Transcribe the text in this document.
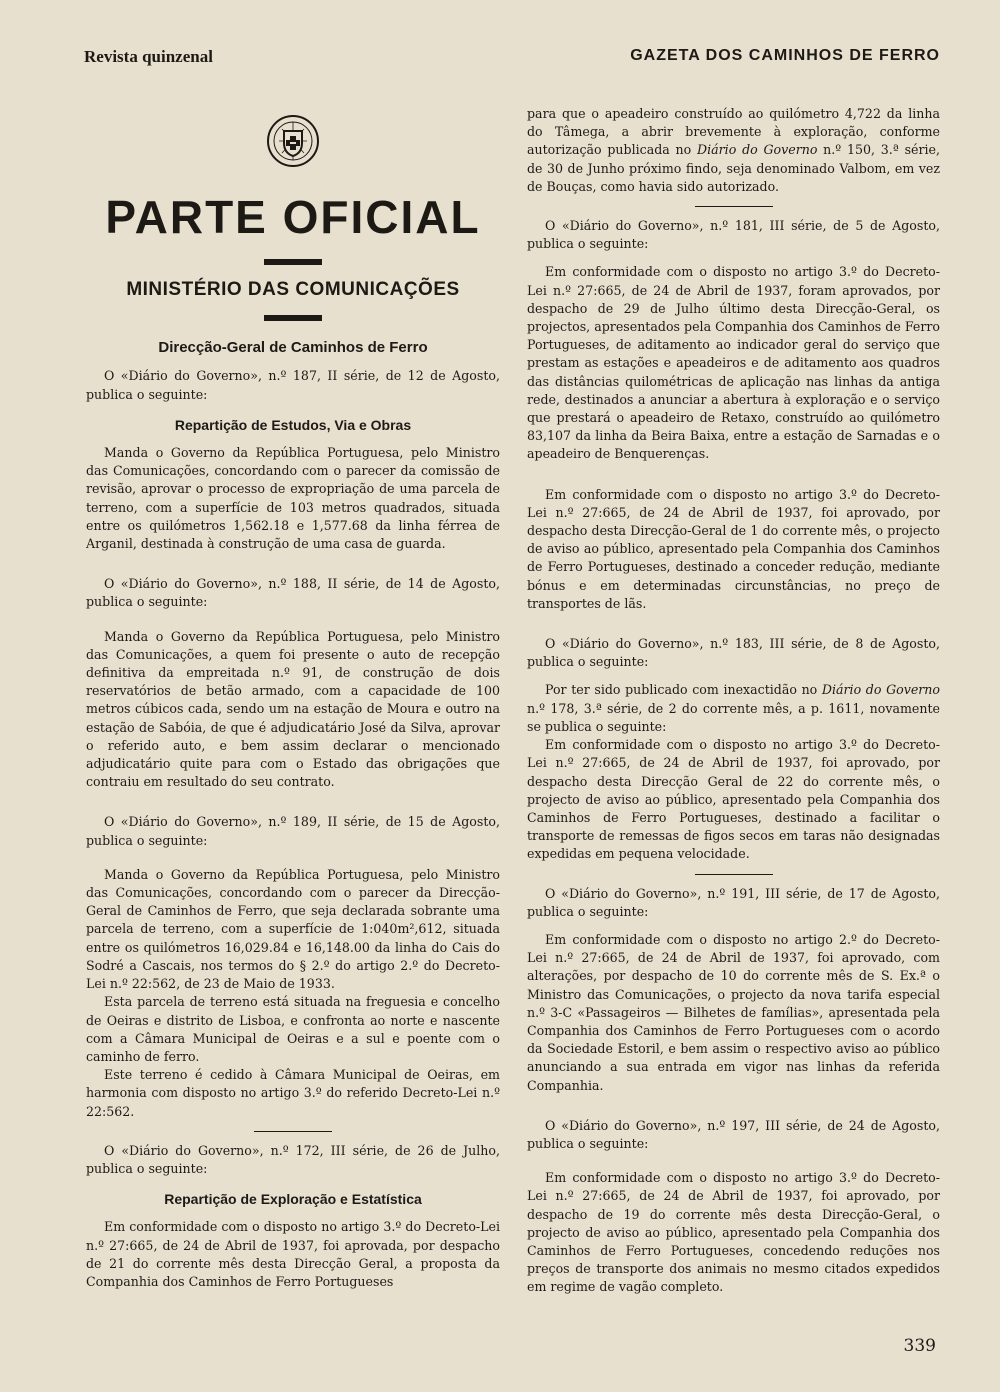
Revista quinzenal	GAZETA DOS CAMINHOS DE FERRO
PARTE OFICIAL
MINISTÉRIO DAS COMUNICAÇÕES
Direcção-Geral de Caminhos de Ferro

O «Diário do Governo», n.º 187, II série, de 12 de Agosto, publica o seguinte:

Repartição de Estudos, Via e Obras

Manda o Governo da República Portuguesa, pelo Ministro das Comunicações, concordando com o parecer da comissão de revisão, aprovar o processo de expropriação de uma parcela de terreno, com a superfície de 103 metros quadrados, situada entre os quilómetros 1,562.18 e 1,577.68 da linha férrea de Arganil, destinada à construção de uma casa de guarda.

O «Diário do Governo», n.º 188, II série, de 14 de Agosto, publica o seguinte:

Manda o Governo da República Portuguesa, pelo Ministro das Comunicações, a quem foi presente o auto de recepção definitiva da empreitada n.º 91, de construção de dois reservatórios de betão armado, com a capacidade de 100 metros cúbicos cada, sendo um na estação de Moura e outro na estação de Sabóia, de que é adjudicatário José da Silva, aprovar o referido auto, e bem assim declarar o mencionado adjudicatário quite para com o Estado das obrigações que contraiu em resultado do seu contrato.

O «Diário do Governo», n.º 189, II série, de 15 de Agosto, publica o seguinte:

Manda o Governo da República Portuguesa, pelo Ministro das Comunicações, concordando com o parecer da Direcção-Geral de Caminhos de Ferro, que seja declarada sobrante uma parcela de terreno, com a superfície de 1:040m²,612, situada entre os quilómetros 16,029.84 e 16,148.00 da linha do Cais do Sodré a Cascais, nos termos do § 2.º do artigo 2.º do Decreto-Lei n.º 22:562, de 23 de Maio de 1933.

Esta parcela de terreno está situada na freguesia e concelho de Oeiras e distrito de Lisboa, e confronta ao norte e nascente com a Câmara Municipal de Oeiras e a sul e poente com o caminho de ferro.

Este terreno é cedido à Câmara Municipal de Oeiras, em harmonia com disposto no artigo 3.º do referido Decreto-Lei n.º 22:562.

O «Diário do Governo», n.º 172, III série, de 26 de Julho, publica o seguinte:

Repartição de Exploração e Estatística

Em conformidade com o disposto no artigo 3.º do Decreto-Lei n.º 27:665, de 24 de Abril de 1937, foi aprovada, por despacho de 21 do corrente mês desta Direcção Geral, a proposta da Companhia dos Caminhos de Ferro Portugueses

para que o apeadeiro construído ao quilómetro 4,722 da linha do Tâmega, a abrir brevemente à exploração, conforme autorização publicada no Diário do Governo n.º 150, 3.ª série, de 30 de Junho próximo findo, seja denominado Valbom, em vez de Bouças, como havia sido autorizado.

O «Diário do Governo», n.º 181, III série, de 5 de Agosto, publica o seguinte:

Em conformidade com o disposto no artigo 3.º do Decreto-Lei n.º 27:665, de 24 de Abril de 1937, foram aprovados, por despacho de 29 de Julho último desta Direcção-Geral, os projectos, apresentados pela Companhia dos Caminhos de Ferro Portugueses, de aditamento ao indicador geral do serviço que prestam as estações e apeadeiros e de aditamento aos quadros das distâncias quilométricas de aplicação nas linhas da antiga rede, destinados a anunciar a abertura à exploração e o serviço que prestará o apeadeiro de Retaxo, construído ao quilómetro 83,107 da linha da Beira Baixa, entre a estação de Sarnadas e o apeadeiro de Benquerenças.

Em conformidade com o disposto no artigo 3.º do Decreto-Lei n.º 27:665, de 24 de Abril de 1937, foi aprovado, por despacho desta Direcção-Geral de 1 do corrente mês, o projecto de aviso ao público, apresentado pela Companhia dos Caminhos de Ferro Portugueses, destinado a conceder redução, mediante bónus e em determinadas circunstâncias, no preço de transportes de lãs.

O «Diário do Governo», n.º 183, III série, de 8 de Agosto, publica o seguinte:

Por ter sido publicado com inexactidão no Diário do Governo n.º 178, 3.ª série, de 2 do corrente mês, a p. 1611, novamente se publica o seguinte:

Em conformidade com o disposto no artigo 3.º do Decreto-Lei n.º 27:665, de 24 de Abril de 1937, foi aprovado, por despacho desta Direcção Geral de 22 do corrente mês, o projecto de aviso ao público, apresentado pela Companhia dos Caminhos de Ferro Portugueses, destinado a facilitar o transporte de remessas de figos secos em taras não designadas expedidas em pequena velocidade.

O «Diário do Governo», n.º 191, III série, de 17 de Agosto, publica o seguinte:

Em conformidade com o disposto no artigo 2.º do Decreto-Lei n.º 27:665, de 24 de Abril de 1937, foi aprovado, com alterações, por despacho de 10 do corrente mês de S. Ex.ª o Ministro das Comunicações, o projecto da nova tarifa especial n.º 3-C «Passageiros — Bilhetes de famílias», apresentada pela Companhia dos Caminhos de Ferro Portugueses com o acordo da Sociedade Estoril, e bem assim o respectivo aviso ao público anunciando a sua entrada em vigor nas linhas da referida Companhia.

O «Diário do Governo», n.º 197, III série, de 24 de Agosto, publica o seguinte:

Em conformidade com o disposto no artigo 3.º do Decreto-Lei n.º 27:665, de 24 de Abril de 1937, foi aprovado, por despacho de 19 do corrente mês desta Direcção-Geral, o projecto de aviso ao público, apresentado pela Companhia dos Caminhos de Ferro Portugueses, concedendo reduções nos preços de transporte dos animais no mesmo citados expedidos em regime de vagão completo.

339
